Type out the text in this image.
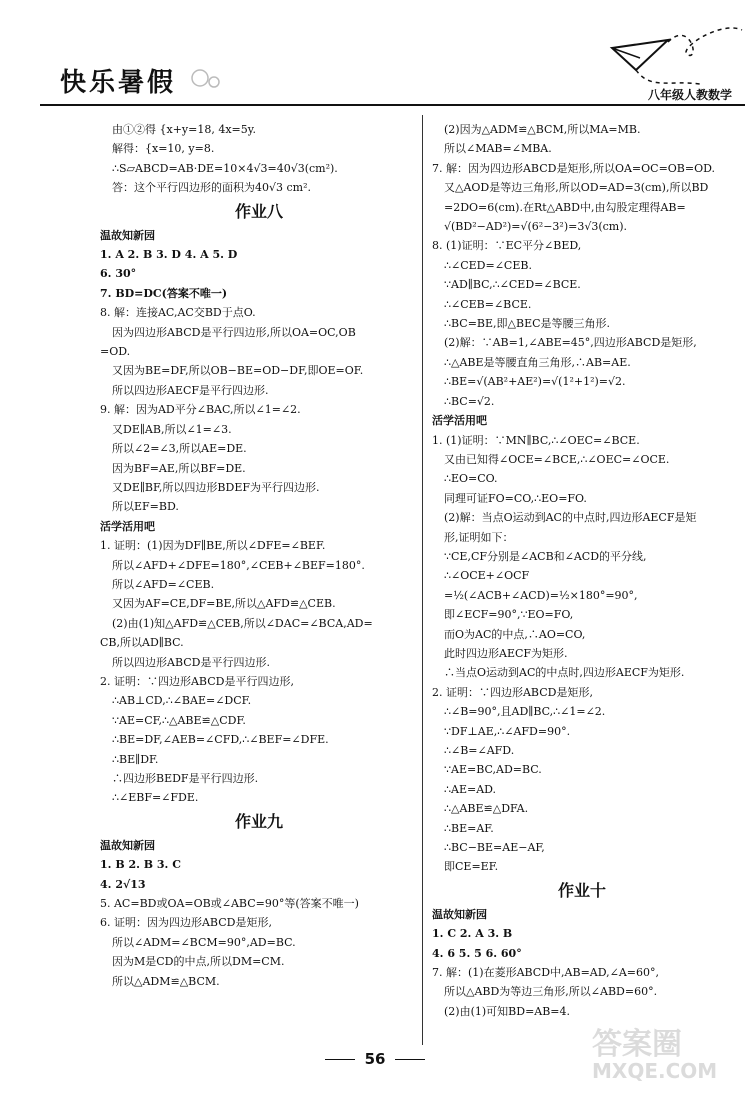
快乐暑假	八年级人教数学
由①②得 {x+y=18, 4x=5y.
解得：{x=10, y=8.
∴S▱ABCD=AB·DE=10×4√3=40√3(cm²).
答：这个平行四边形的面积为40√3 cm².
作业八
温故知新园
1. A 2. B 3. D 4. A 5. D
6. 30°
7. BD=DC(答案不唯一)
8. 解：连接AC,AC交BD于点O.
因为四边形ABCD是平行四边形,所以OA=OC,OB
=OD.
又因为BE=DF,所以OB−BE=OD−DF,即OE=OF.
所以四边形AECF是平行四边形.
9. 解：因为AD平分∠BAC,所以∠1=∠2.
又DE∥AB,所以∠1=∠3.
所以∠2=∠3,所以AE=DE.
因为BF=AE,所以BF=DE.
又DE∥BF,所以四边形BDEF为平行四边形.
所以EF=BD.
活学活用吧
1. 证明：(1)因为DF∥BE,所以∠DFE=∠BEF.
所以∠AFD+∠DFE=180°,∠CEB+∠BEF=180°.
所以∠AFD=∠CEB.
又因为AF=CE,DF=BE,所以△AFD≌△CEB.
(2)由(1)知△AFD≌△CEB,所以∠DAC=∠BCA,AD=
CB,所以AD∥BC.
所以四边形ABCD是平行四边形.
2. 证明：∵四边形ABCD是平行四边形,
∴AB⊥CD,∴∠BAE=∠DCF.
∵AE=CF,∴△ABE≌△CDF.
∴BE=DF,∠AEB=∠CFD,∴∠BEF=∠DFE.
∴BE∥DF.
∴四边形BEDF是平行四边形.
∴∠EBF=∠FDE.
作业九
温故知新园
1. B 2. B 3. C
4. 2√13
5. AC=BD或OA=OB或∠ABC=90°等(答案不唯一)
6. 证明：因为四边形ABCD是矩形,
所以∠ADM=∠BCM=90°,AD=BC.
因为M是CD的中点,所以DM=CM.
所以△ADM≌△BCM.
(2)因为△ADM≌△BCM,所以MA=MB.
所以∠MAB=∠MBA.
7. 解：因为四边形ABCD是矩形,所以OA=OC=OB=OD.
又△AOD是等边三角形,所以OD=AD=3(cm),所以BD
=2DO=6(cm).在Rt△ABD中,由勾股定理得AB=
√(BD²−AD²)=√(6²−3²)=3√3(cm).
8. (1)证明：∵EC平分∠BED,
∴∠CED=∠CEB.
∵AD∥BC,∴∠CED=∠BCE.
∴∠CEB=∠BCE.
∴BC=BE,即△BEC是等腰三角形.
(2)解：∵AB=1,∠ABE=45°,四边形ABCD是矩形,
∴△ABE是等腰直角三角形,∴AB=AE.
∴BE=√(AB²+AE²)=√(1²+1²)=√2.
∴BC=√2.
活学活用吧
1. (1)证明：∵MN∥BC,∴∠OEC=∠BCE.
又由已知得∠OCE=∠BCE,∴∠OEC=∠OCE.
∴EO=CO.
同理可证FO=CO,∴EO=FO.
(2)解：当点O运动到AC的中点时,四边形AECF是矩
形,证明如下：
∵CE,CF分别是∠ACB和∠ACD的平分线,
∴∠OCE+∠OCF
=½(∠ACB+∠ACD)=½×180°=90°,
即∠ECF=90°,∵EO=FO,
而O为AC的中点,∴AO=CO,
此时四边形AECF为矩形.
∴当点O运动到AC的中点时,四边形AECF为矩形.
2. 证明：∵四边形ABCD是矩形,
∴∠B=90°,且AD∥BC,∴∠1=∠2.
∵DF⊥AE,∴∠AFD=90°.
∴∠B=∠AFD.
∵AE=BC,AD=BC.
∴AE=AD.
∴△ABE≌△DFA.
∴BE=AF.
∴BC−BE=AE−AF,
即CE=EF.
作业十
温故知新园
1. C 2. A 3. B
4. 6 5. 5 6. 60°
7. 解：(1)在菱形ABCD中,AB=AD,∠A=60°,
所以△ABD为等边三角形,所以∠ABD=60°.
(2)由(1)可知BD=AB=4.
56	答案圈
MXQE.COM
